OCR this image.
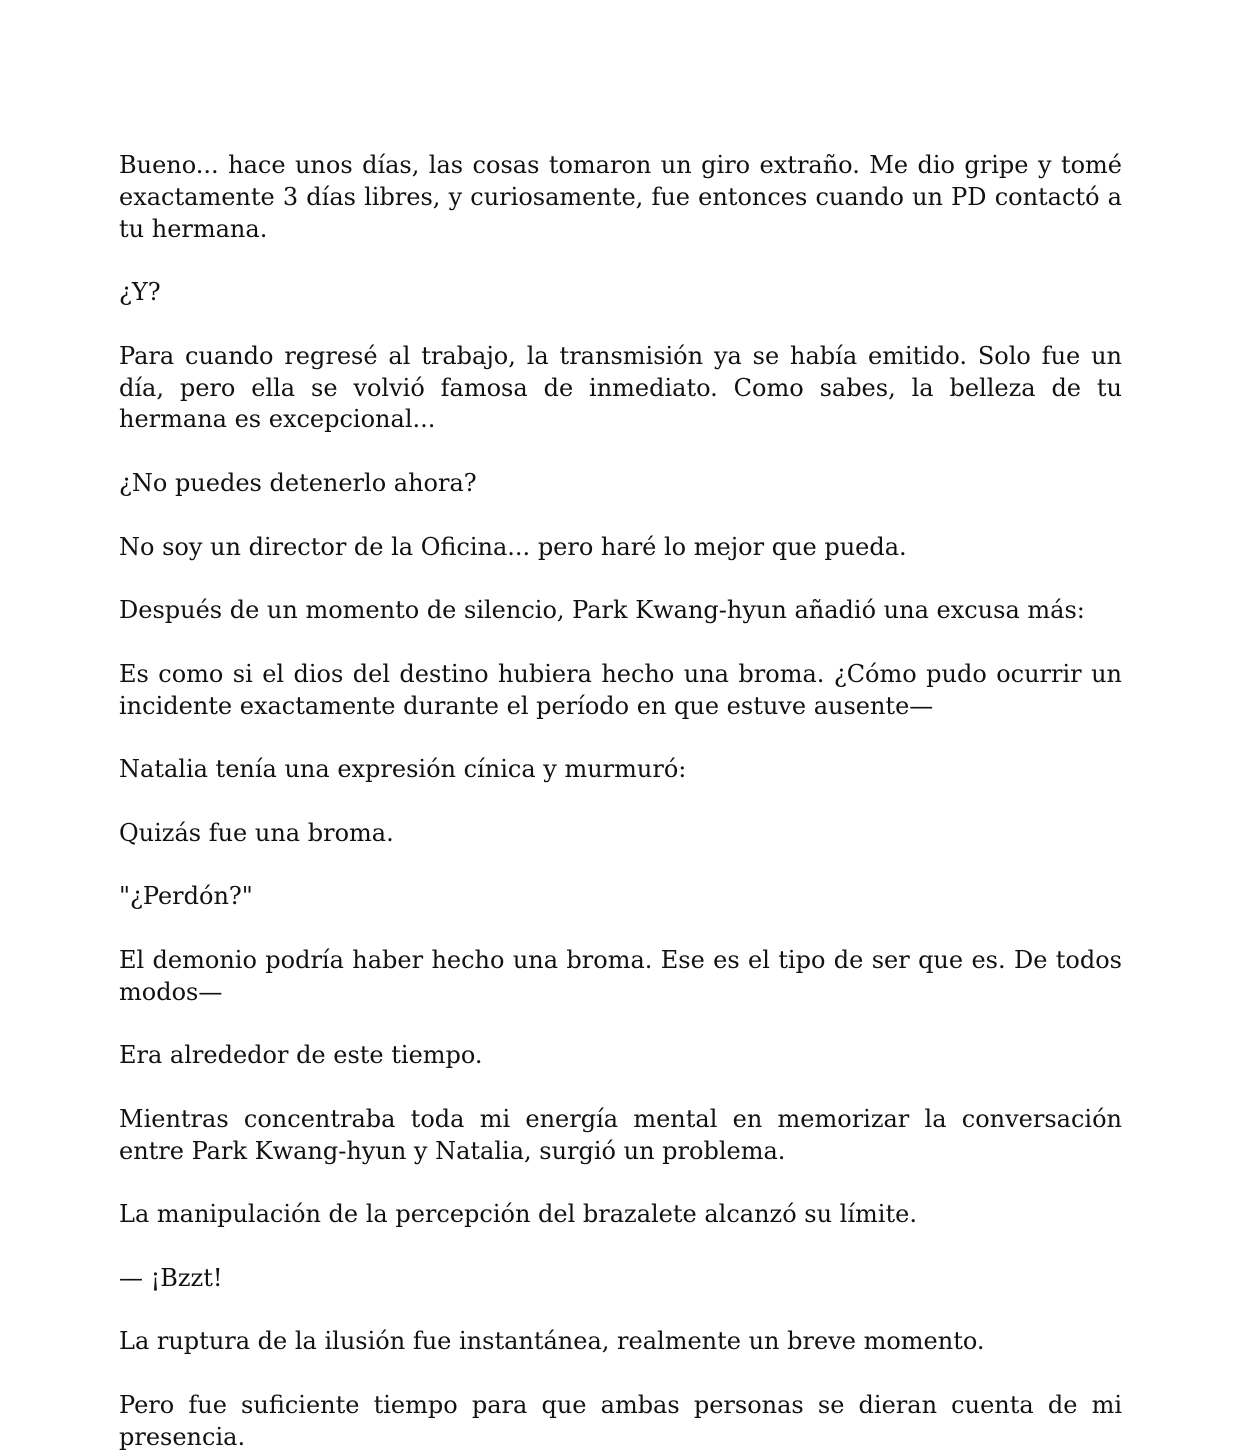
Bueno... hace unos días, las cosas tomaron un giro extraño. Me dio gripe y tomé exactamente 3 días libres, y curiosamente, fue entonces cuando un PD contactó a tu hermana.

¿Y?

Para cuando regresé al trabajo, la transmisión ya se había emitido. Solo fue un día, pero ella se volvió famosa de inmediato. Como sabes, la belleza de tu hermana es excepcional...

¿No puedes detenerlo ahora?

No soy un director de la Oficina... pero haré lo mejor que pueda.

Después de un momento de silencio, Park Kwang-hyun añadió una excusa más:

Es como si el dios del destino hubiera hecho una broma. ¿Cómo pudo ocurrir un incidente exactamente durante el período en que estuve ausente—

Natalia tenía una expresión cínica y murmuró:

Quizás fue una broma.

"¿Perdón?"

El demonio podría haber hecho una broma. Ese es el tipo de ser que es. De todos modos—

Era alrededor de este tiempo.

Mientras concentraba toda mi energía mental en memorizar la conversación entre Park Kwang-hyun y Natalia, surgió un problema.

La manipulación de la percepción del brazalete alcanzó su límite.

— ¡Bzzt!

La ruptura de la ilusión fue instantánea, realmente un breve momento.

Pero fue suficiente tiempo para que ambas personas se dieran cuenta de mi presencia.
